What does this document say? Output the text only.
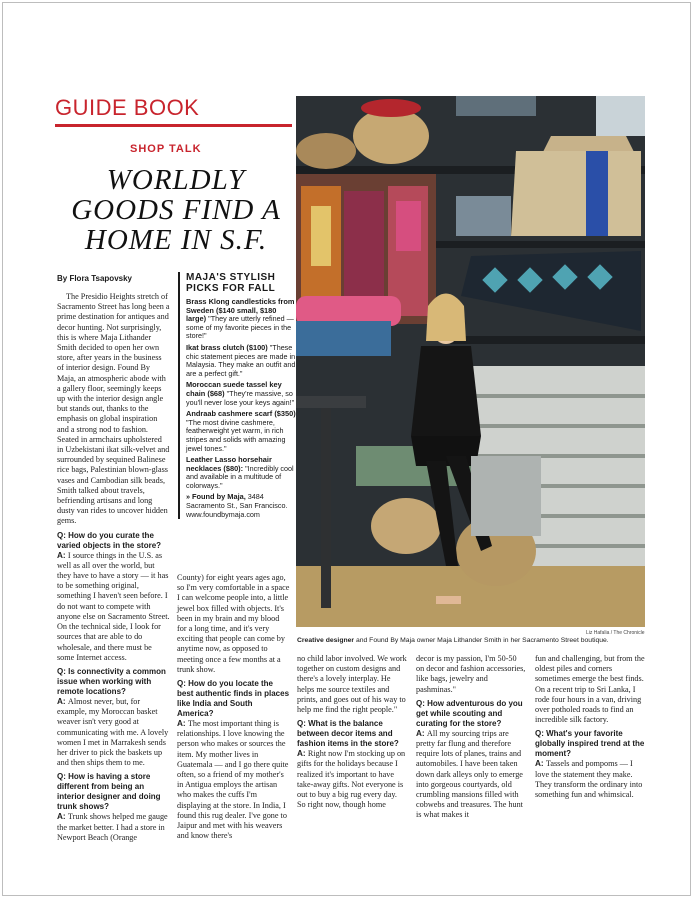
GUIDE BOOK
SHOP TALK
WORLDLY
GOODS FIND A
HOME IN S.F.
By Flora Tsapovsky

The Presidio Heights stretch of Sacramento Street has long been a prime destination for antiques and decor hunting. Not surprisingly, this is where Maja Lithander Smith decided to open her own store, after years in the business of interior design. Found By Maja, an atmospheric abode with a gallery floor, seemingly keeps up with the interior design angle but stands out, thanks to the emphasis on global inspiration and a strong nod to fashion. Seated in armchairs upholstered in Uzbekistani ikat silk-velvet and surrounded by sequined Balinese rice bags, Palestinian blown-glass vases and Cambodian silk beads, Smith talked about travels, befriending artisans and long dusty van rides to uncover hidden gems.

Q: How do you curate the varied objects in the store?

A: I source things in the U.S. as well as all over the world, but they have to have a story — it has to be something original, something I haven't seen before. I do not want to compete with anyone else on Sacramento Street. On the technical side, I look for sources that are able to do wholesale, and there must be some Internet access.

Q: Is connectivity a common issue when working with remote locations?

A: Almost never, but, for example, my Moroccan basket weaver isn't very good at communicating with me. A lovely women I met in Marrakesh sends her driver to pick the baskets up and then ships them to me.

Q: How is having a store different from being an interior designer and doing trunk shows?

A: Trunk shows helped me gauge the market better. I had a store in Newport Beach (Orange

MAJA'S STYLISH PICKS FOR FALL
Brass Klong candlesticks from Sweden ($140 small, $180 large) "They are utterly refined — some of my favorite pieces in the store!"
Ikat brass clutch ($100) "These chic statement pieces are made in Malaysia. They make an outfit and are a perfect gift."
Moroccan suede tassel key chain ($68) "They're massive, so you'll never lose your keys again!"
Andraab cashmere scarf ($350) "The most divine cashmere, featherweight yet warm, in rich stripes and solids with amazing jewel tones."
Leather Lasso horsehair necklaces ($80): "Incredibly cool and available in a multitude of colorways."
» Found by Maja, 3484 Sacramento St., San Francisco. www.foundbymaja.com

County) for eight years ages ago, so I'm very comfortable in a space I can welcome people into, a little jewel box filled with objects. It's been in my brain and my blood for a long time, and it's very exciting that people can come by anytime now, as opposed to meeting once a few months at a trunk show.

Q: How do you locate the best authentic finds in places like India and South America?

A: The most important thing is relationships. I love knowing the person who makes or sources the item. My mother lives in Guatemala — and I go there quite often, so a friend of my mother's in Antigua employs the artisan who makes the cuffs I'm displaying at the store. In India, I found this rug dealer. I've gone to Jaipur and met with his weavers and know there's

no child labor involved. We work together on custom designs and there's a lovely interplay. He helps me source textiles and prints, and goes out of his way to help me find the right people."

Q: What is the balance between decor items and fashion items in the store?

A: Right now I'm stocking up on gifts for the holidays because I realized it's important to have take-away gifts. Not everyone is out to buy a big rug every day. So right now, though home

decor is my passion, I'm 50-50 on decor and fashion accessories, like bags, jewelry and pashminas."

Q: How adventurous do you get while scouting and curating for the store?

A: All my sourcing trips are pretty far flung and therefore require lots of planes, trains and automobiles. I have been taken down dark alleys only to emerge into gorgeous courtyards, old crumbling mansions filled with cobwebs and treasures. The hunt is what makes it

fun and challenging, but from the oldest piles and corners sometimes emerge the best finds. On a recent trip to Sri Lanka, I rode four hours in a van, driving over potholed roads to find an incredible silk factory.

Q: What's your favorite globally inspired trend at the moment?

A: Tassels and pompoms — I love the statement they make. They transform the ordinary into something fun and whimsical.

Liz Hafalia / The Chronicle
Creative designer and Found By Maja owner Maja Lithander Smith in her Sacramento Street boutique.
